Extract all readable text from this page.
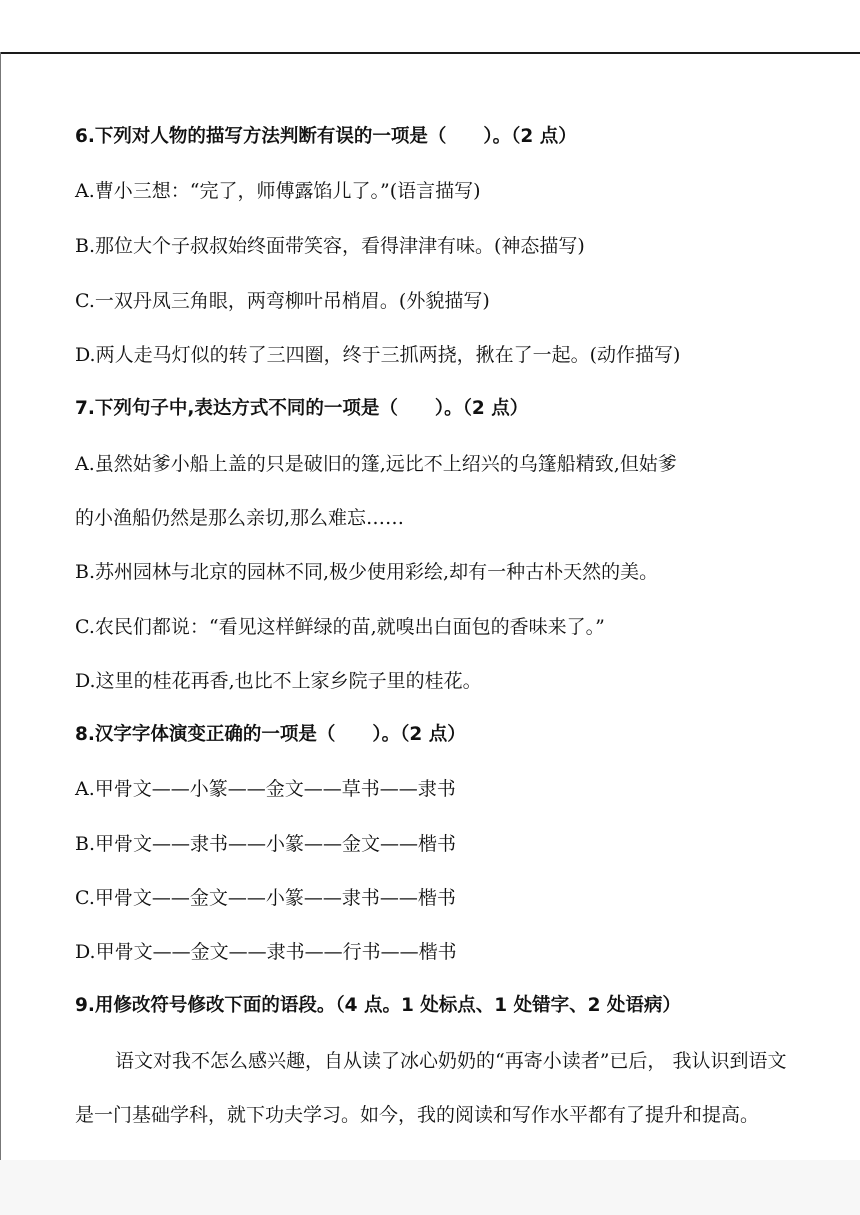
6.下列对人物的描写方法判断有误的一项是（　　）。（2 点）
A.曹小三想：“完了，师傅露馅儿了。”(语言描写)
B.那位大个子叔叔始终面带笑容，看得津津有味。(神态描写)
C.一双丹凤三角眼，两弯柳叶吊梢眉。(外貌描写)
D.两人走马灯似的转了三四圈，终于三抓两挠，揪在了一起。(动作描写)
7.下列句子中,表达方式不同的一项是（　　）。（2 点）
A.虽然姑爹小船上盖的只是破旧的篷,远比不上绍兴的乌篷船精致,但姑爹
的小渔船仍然是那么亲切,那么难忘……
B.苏州园林与北京的园林不同,极少使用彩绘,却有一种古朴天然的美。
C.农民们都说：“看见这样鲜绿的苗,就嗅出白面包的香味来了。”
D.这里的桂花再香,也比不上家乡院子里的桂花。
8.汉字字体演变正确的一项是（　　）。（2 点）
A.甲骨文——小篆——金文——草书——隶书
B.甲骨文——隶书——小篆——金文——楷书
C.甲骨文——金文——小篆——隶书——楷书
D.甲骨文——金文——隶书——行书——楷书
9.用修改符号修改下面的语段。（4 点。1 处标点、1 处错字、2 处语病）
语文对我不怎么感兴趣，自从读了冰心奶奶的“再寄小读者”已后， 我认识到语文
是一门基础学科，就下功夫学习。如今，我的阅读和写作水平都有了提升和提高。
